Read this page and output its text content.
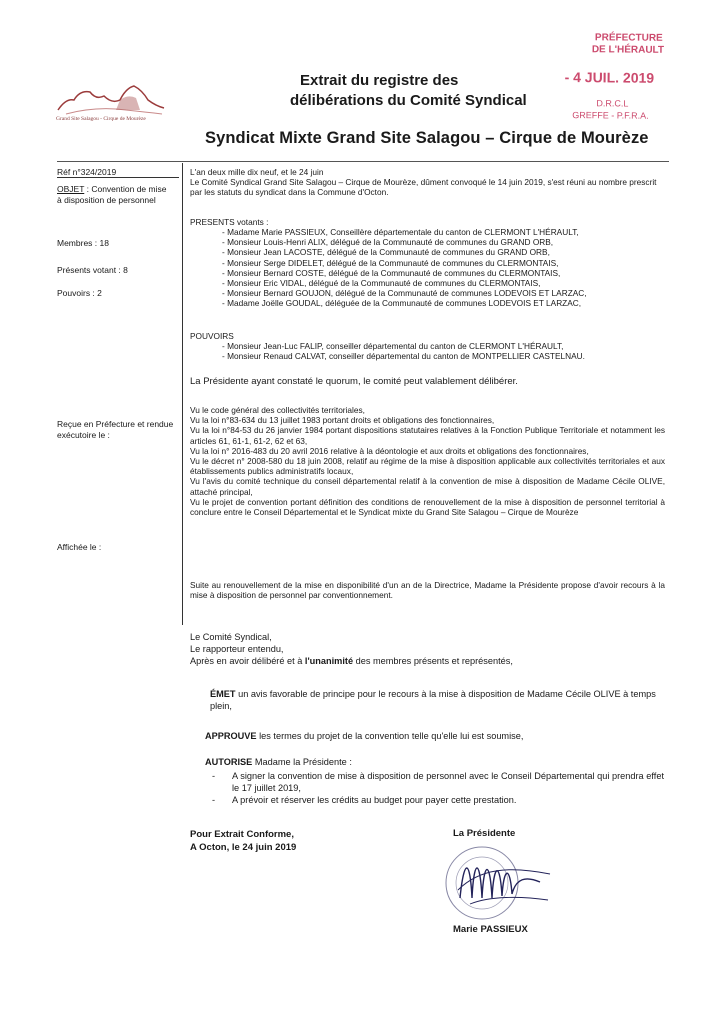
Grand Site Salagou - Cirque de Mourèze
Extrait du registre des
délibérations du Comité Syndical
Syndicat Mixte Grand Site Salagou – Cirque de Mourèze
PRÉFECTURE
DE L'HÉRAULT
- 4 JUIL. 2019
D.R.C.L
GREFFE - P.F.R.A.
Réf n°324/2019
OBJET : Convention de mise à disposition de personnel
Membres : 18
Présents votant : 8
Pouvoirs : 2
Reçue en Préfecture et rendue exécutoire le :
Affichée le :
L'an deux mille dix neuf, et le 24 juin
Le Comité Syndical Grand Site Salagou – Cirque de Mourèze, dûment convoqué le 14 juin 2019, s'est réuni au nombre prescrit par les statuts du syndicat dans la Commune d'Octon.
PRESENTS votants :
- Madame Marie PASSIEUX, Conseillère départementale du canton de CLERMONT L'HÉRAULT,
- Monsieur Louis-Henri ALIX, délégué de la Communauté de communes du GRAND ORB,
- Monsieur Jean LACOSTE, délégué de la Communauté de communes du GRAND ORB,
- Monsieur Serge DIDELET, délégué de la Communauté de communes du CLERMONTAIS,
- Monsieur Bernard COSTE, délégué de la Communauté de communes du CLERMONTAIS,
- Monsieur Eric VIDAL, délégué de la Communauté de communes du CLERMONTAIS,
- Monsieur Bernard GOUJON, délégué de la Communauté de communes LODEVOIS ET LARZAC,
- Madame Joëlle GOUDAL, déléguée de la Communauté de communes LODEVOIS ET LARZAC,
POUVOIRS
- Monsieur Jean-Luc FALIP, conseiller départemental du canton de CLERMONT L'HÉRAULT,
- Monsieur Renaud CALVAT, conseiller départemental du canton de MONTPELLIER CASTELNAU.
La Présidente ayant constaté le quorum, le comité peut valablement délibérer.

Vu le code général des collectivités territoriales,

Vu la loi n°83-634 du 13 juillet 1983 portant droits et obligations des fonctionnaires,

Vu la loi n°84-53 du 26 janvier 1984 portant dispositions statutaires relatives à la Fonction Publique Territoriale et notamment les articles 61, 61-1, 61-2, 62 et 63,

Vu la loi n° 2016-483 du 20 avril 2016 relative à la déontologie et aux droits et obligations des fonctionnaires,

Vu le décret n° 2008-580 du 18 juin 2008, relatif au régime de la mise à disposition applicable aux collectivités territoriales et aux établissements publics administratifs locaux,

Vu l'avis du comité technique du conseil départemental relatif à la convention de mise à disposition de Madame Cécile OLIVE, attaché principal,

Vu le projet de convention portant définition des conditions de renouvellement de la mise à disposition de personnel territorial à conclure entre le Conseil Départemental et le Syndicat mixte du Grand Site Salagou – Cirque de Mourèze

Suite au renouvellement de la mise en disponibilité d'un an de la Directrice, Madame la Présidente propose d'avoir recours à la mise à disposition de personnel par conventionnement.
Le Comité Syndical,
Le rapporteur entendu,
Après en avoir délibéré et à l'unanimité des membres présents et représentés,
ÉMET un avis favorable de principe pour le recours à la mise à disposition de Madame Cécile OLIVE à temps plein,
APPROUVE les termes du projet de la convention telle qu'elle lui est soumise,
AUTORISE Madame la Présidente :
-	A signer la convention de mise à disposition de personnel avec le Conseil Départemental qui prendra effet le 17 juillet 2019,
-	A prévoir et réserver les crédits au budget pour payer cette prestation.
Pour Extrait Conforme,
A Octon, le 24 juin 2019
La Présidente
Marie PASSIEUX
